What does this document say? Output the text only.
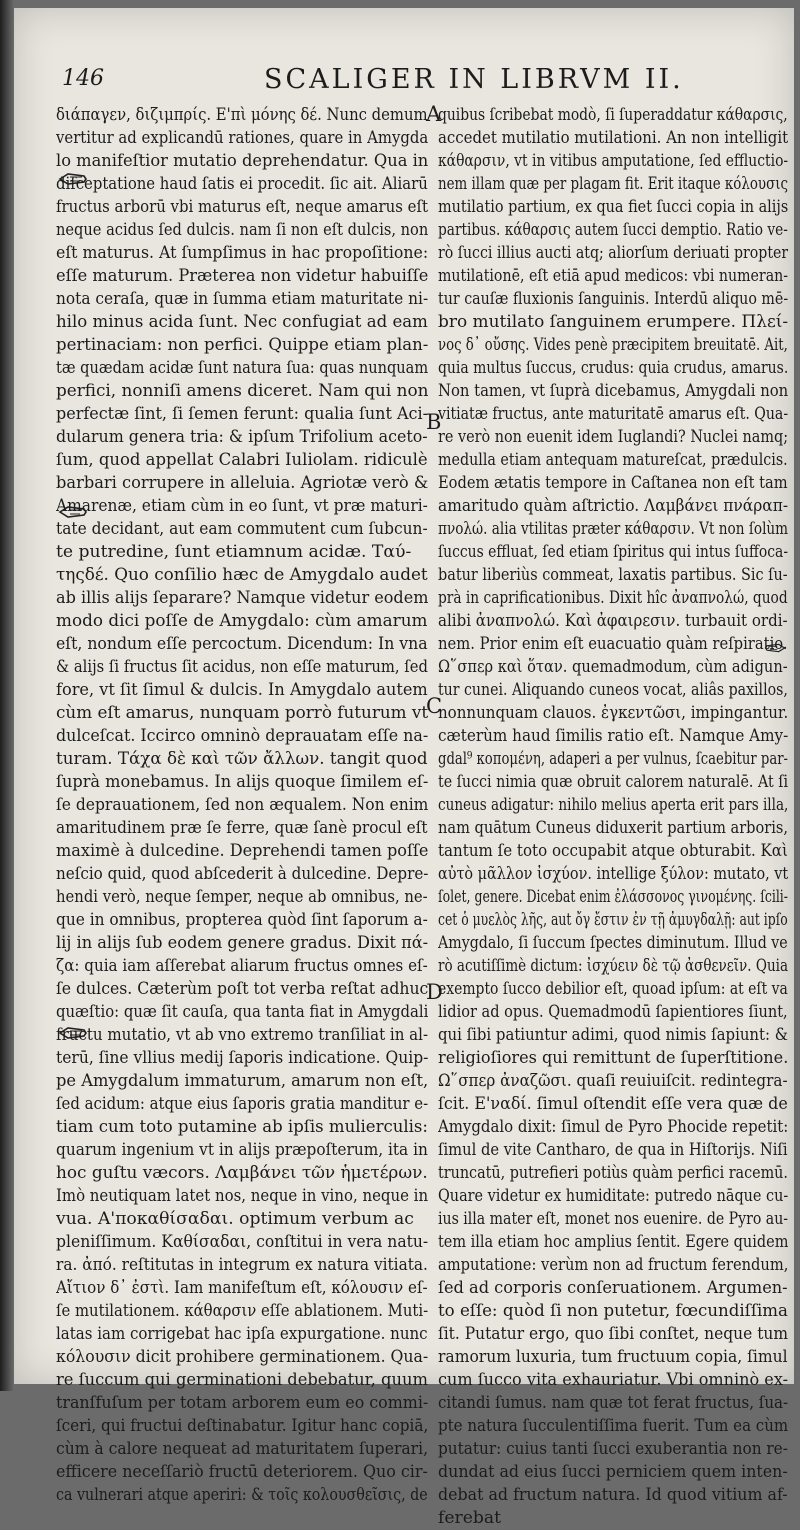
146	SCALIGER IN LIBRVM II.
A
B
C
D
διάπαγεν, διζιμπρίς. Ε'πὶ μόνης δέ. Nunc demum
vertitur ad explicandū rationes, quare in Amygda
lo manifeſtior mutatio deprehendatur. Qua in
diſceptatione haud ſatis ei procedit. ſic ait. Aliarū
fructus arborū vbi maturus eſt, neque amarus eſt
neque acidus ſed dulcis. nam ſi non eſt dulcis, non
eſt maturus. At ſumpſimus in hac propoſitione:
eſſe maturum. Præterea non videtur habuiſſe
nota ceraſa, quæ in ſumma etiam maturitate ni-
hilo minus acida ſunt. Nec confugiat ad eam
pertinaciam: non perfici. Quippe etiam plan-
tæ quædam acidæ ſunt natura ſua: quas nunquam
perfici, nonniſi amens diceret. Nam qui non
perfectæ ſint, ſi ſemen ferunt: qualia ſunt Aci-
dularum genera tria: & ipſum Trifolium aceto-
ſum, quod appellat Calabri Iuliolam. ridiculè
barbari corrupere in alleluia. Agriotæ verò &
Amarenæ, etiam cùm in eo ſunt, vt præ maturi-
tate decidant, aut eam commutent cum ſubcun-
te putredine, ſunt etiamnum acidæ. Ταύ-
τηςδέ. Quo conſilio hæc de Amygdalo audet
ab illis alijs ſeparare? Namque videtur eodem
modo dici poſſe de Amygdalo: cùm amarum
eſt, nondum eſſe percoctum. Dicendum: In vna
& alijs ſi fructus ſit acidus, non eſſe maturum, ſed
fore, vt ſit ſimul & dulcis. In Amygdalo autem
cùm eſt amarus, nunquam porrò futurum vt
dulceſcat. Iccirco omninò deprauatam eſſe na-
turam. Τάχα δὲ καὶ τῶν ἄλλων. tangit quod
ſuprà monebamus. In alijs quoque ſimilem eſ-
ſe deprauationem, ſed non æqualem. Non enim
amaritudinem præ ſe ferre, quæ ſanè procul eſt
maximè à dulcedine. Deprehendi tamen poſſe
neſcio quid, quod abſcederit à dulcedine. Depre-
hendi verò, neque ſemper, neque ab omnibus, ne-
que in omnibus, propterea quòd ſint ſaporum a-
lij in alijs ſub eodem genere gradus. Dixit πά-
ζα: quia iam aſſerebat aliarum fructus omnes eſ-
ſe dulces. Cæterùm poſt tot verba reſtat adhuc
quæſtio: quæ ſit cauſa, qua tanta fiat in Amygdali
fructu mutatio, vt ab vno extremo tranſiliat in al-
terū, ſine vllius medij ſaporis indicatione. Quip-
pe Amygdalum immaturum, amarum non eſt,
ſed acidum: atque eius ſaporis gratia manditur e-
tiam cum toto putamine ab ipſis mulierculis:
quarum ingenium vt in alijs præpoſterum, ita in
hoc guſtu væcors. Λαμβάνει τῶν ἡμετέρων.
Imò neutiquam latet nos, neque in vino, neque in
vua. Α'ποκαθίσαδαι. optimum verbum ac
pleniſſimum. Καθίσαδαι, conſtitui in vera natu-
ra. ἀπό. reſtitutas in integrum ex natura vitiata.
Αἴτιον δ᾽ ἐστὶ. Iam manifeſtum eſt, κόλουσιν eſ-
ſe mutilationem. κάθαρσιν eſſe ablationem. Muti-
latas iam corrigebat hac ipſa expurgatione. nunc
κόλουσιν dicit prohibere germinationem. Qua-
re ſuccum qui germinationi debebatur, quum
tranſfuſum per totam arborem eum eo commi-
ſceri, qui fructui deſtinabatur. Igitur hanc copiā,
cùm à calore nequeat ad maturitatem ſuperari,
efficere neceſſariò fructū deteriorem. Quo cir-
ca vulnerari atque aperiri: & τοῖς κολουσθεῖσις, de
quibus ſcribebat modò, ſi ſuperaddatur κάθαρσις,
accedet mutilatio mutilationi. An non intelligit
κάθαρσιν, vt in vitibus amputatione, ſed effluctio-
nem illam quæ per plagam fit. Erit itaque κόλουσις
mutilatio partium, ex qua fiet ſucci copia in alijs
partibus. κάθαρσις autem ſucci demptio. Ratio ve-
rò ſucci illius aucti atq; aliorſum deriuati propter
mutilationē, eſt etiā apud medicos: vbi numeran-
tur cauſæ fluxionis ſanguinis. Interdū aliquo mē-
bro mutilato ſanguinem erumpere. Πλεί-
νος δ᾽ οὔσης. Vides penè præcipitem breuitatē. Ait,
quia multus ſuccus, crudus: quia crudus, amarus.
Non tamen, vt ſuprà dicebamus, Amygdali non
vitiatæ fructus, ante maturitatē amarus eſt. Qua-
re verò non euenit idem Iuglandi? Nuclei namq;
medulla etiam antequam matureſcat, prædulcis.
Eodem ætatis tempore in Caſtanea non eſt tam
amaritudo quàm aſtrictio. Λαμβάνει πνάραπ-
πνολώ. alia vtilitas præter κάθαρσιν. Vt non ſolùm
ſuccus effluat, ſed etiam ſpiritus qui intus ſuffoca-
batur liberiùs commeat, laxatis partibus. Sic ſu-
prà in caprificationibus. Dixit hîc ἀναπνολώ, quod
alibi ἀναπνολώ. Καὶ ἀφαιρεσιν. turbauit ordi-
nem. Prior enim eſt euacuatio quàm reſpiratio.
Ω῞σπερ καὶ ὅταν. quemadmodum, cùm adigun-
tur cunei. Aliquando cuneos vocat, aliâs paxillos,
nonnunquam clauos. ἐγκεντῶσι, impingantur.
cæterùm haud ſimilis ratio eſt. Namque Amy-
gdal⁹ κοπομένη, adaperi a per vulnus, ſcaebitur par-
te ſucci nimia quæ obruit calorem naturalē. At ſi
cuneus adigatur: nihilo melius aperta erit pars illa,
nam quātum Cuneus diduxerit partium arboris,
tantum ſe toto occupabit atque obturabit. Καὶ
αὐτὸ μᾶλλον ἰσχύον. intellige ξύλον: mutato, vt
ſolet, genere. Dicebat enim ἐλάσσονος γινομένης. ſcili-
cet ὁ μυελὸς λῆς, aut ὄγ ἔστιν ἐν τῇ ἀμυγδαλῇ: aut ipſo
Amygdalo, ſi ſuccum ſpectes diminutum. Illud ve
rò acutiſſimè dictum: ἰσχύειν δὲ τῷ ἀσθενεῖν. Quia
exempto ſucco debilior eſt, quoad ipſum: at eſt va
lidior ad opus. Quemadmodū ſapientiores ſiunt,
qui ſibi patiuntur adimi, quod nimis ſapiunt: &
religioſiores qui remittunt de ſuperſtitione.
Ω῞σπερ ἀναζῶσι. quaſi reuiuiſcit. redintegra-
ſcit. Ε'ναδί. ſimul oſtendit eſſe vera quæ de
Amygdalo dixit: ſimul de Pyro Phocide repetit:
ſimul de vite Cantharo, de qua in Hiſtorijs. Niſi
truncatū, putrefieri potiùs quàm perfici racemū.
Quare videtur ex humiditate: putredo nāque cu-
ius illa mater eſt, monet nos euenire. de Pyro au-
tem illa etiam hoc amplius ſentit. Egere quidem
amputatione: verùm non ad fructum ferendum,
ſed ad corporis conſeruationem. Argumen-
to eſſe: quòd ſi non putetur, fœcundiſſima
ſit. Putatur ergo, quo ſibi conſtet, neque tum
ramorum luxuria, tum fructuum copia, ſimul
cum ſucco vita exhauriatur. Vbi omninò ex-
citandi ſumus. nam quæ tot ferat fructus, ſua-
pte natura ſucculentiſſima fuerit. Tum ea cùm
putatur: cuius tanti ſucci exuberantia non re-
dundat ad eius ſucci perniciem quem inten-
debat ad fructum natura. Id quod vitium af-
ferebat
